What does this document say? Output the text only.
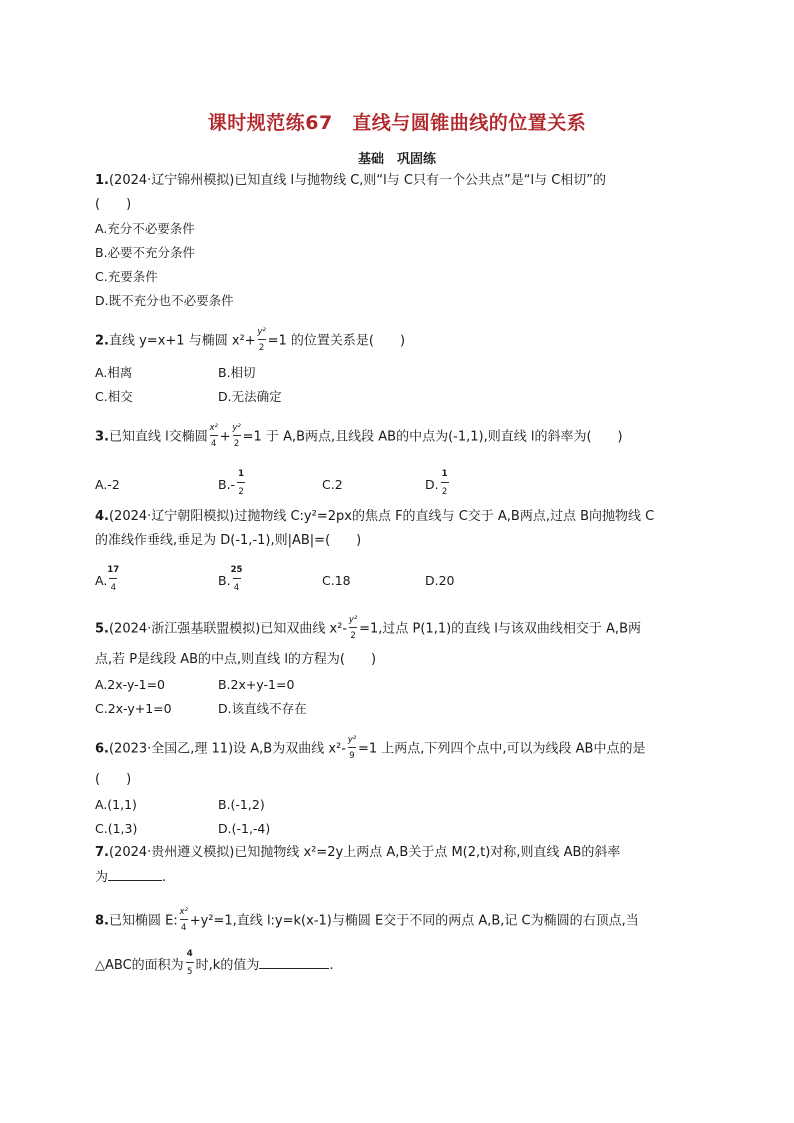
课时规范练67　直线与圆锥曲线的位置关系
基础　巩固练
1.(2024·辽宁锦州模拟)已知直线 l与抛物线 C,则“l与 C只有一个公共点”是“l与 C相切”的
(　　)
A.充分不必要条件
B.必要不充分条件
C.充要条件
D.既不充分也不必要条件
2.直线 y=x+1 与椭圆 $x^2+ \frac{\text{y²}}{2} =1$ 的位置关系是(　　)
A.相离	B.相切
C.相交	D.无法确定
3.已知直线 l交椭圆 $\frac{\text{x²}}{4} + \frac{\text{y²}}{2} =1$ 于 A,B两点,且线段 AB的中点为(-1,1),则直线 l的斜率为(　　)
A.-2	$B.- \frac{1}{2}$	C.2	D. $\frac{1}{2}$
4.(2024·辽宁朝阳模拟)过抛物线 C:y²=2px的焦点 F的直线与 C交于 A,B两点,过点 B向抛物线 C
的准线作垂线,垂足为 D(-1,-1),则|AB|=(　　)
A. $\frac{17}{4}$	B. $\frac{25}{4}$	C.18	D.20
5.(2024·浙江强基联盟模拟)已知双曲线 $x^2- \frac{\text{y²}}{2} =1$,过点 P(1,1)的直线 l与该双曲线相交于 A,B两
点,若 P是线段 AB的中点,则直线 l的方程为(　　)
A.2x-y-1=0	B.2x+y-1=0
C.2x-y+1=0	D.该直线不存在
6.(2023·全国乙,理 11)设 A,B为双曲线 $x^2- \frac{\text{y²}}{9} =1$ 上两点,下列四个点中,可以为线段 AB中点的是
(　　)
A.(1,1)	B.(-1,2)
C.(1,3)	D.(-1,-4)
7.(2024·贵州遵义模拟)已知抛物线 x²=2y上两点 A,B关于点 M(2,t)对称,则直线 AB的斜率
为	.
8.已知椭圆 E: $\frac{\text{x²}}{4} +y^2=1$,直线 l:y=k(x-1)与椭圆 E交于不同的两点 A,B,记 C为椭圆的右顶点,当
△ABC的面积为 $\frac{4}{5}$ 时,k的值为	.
